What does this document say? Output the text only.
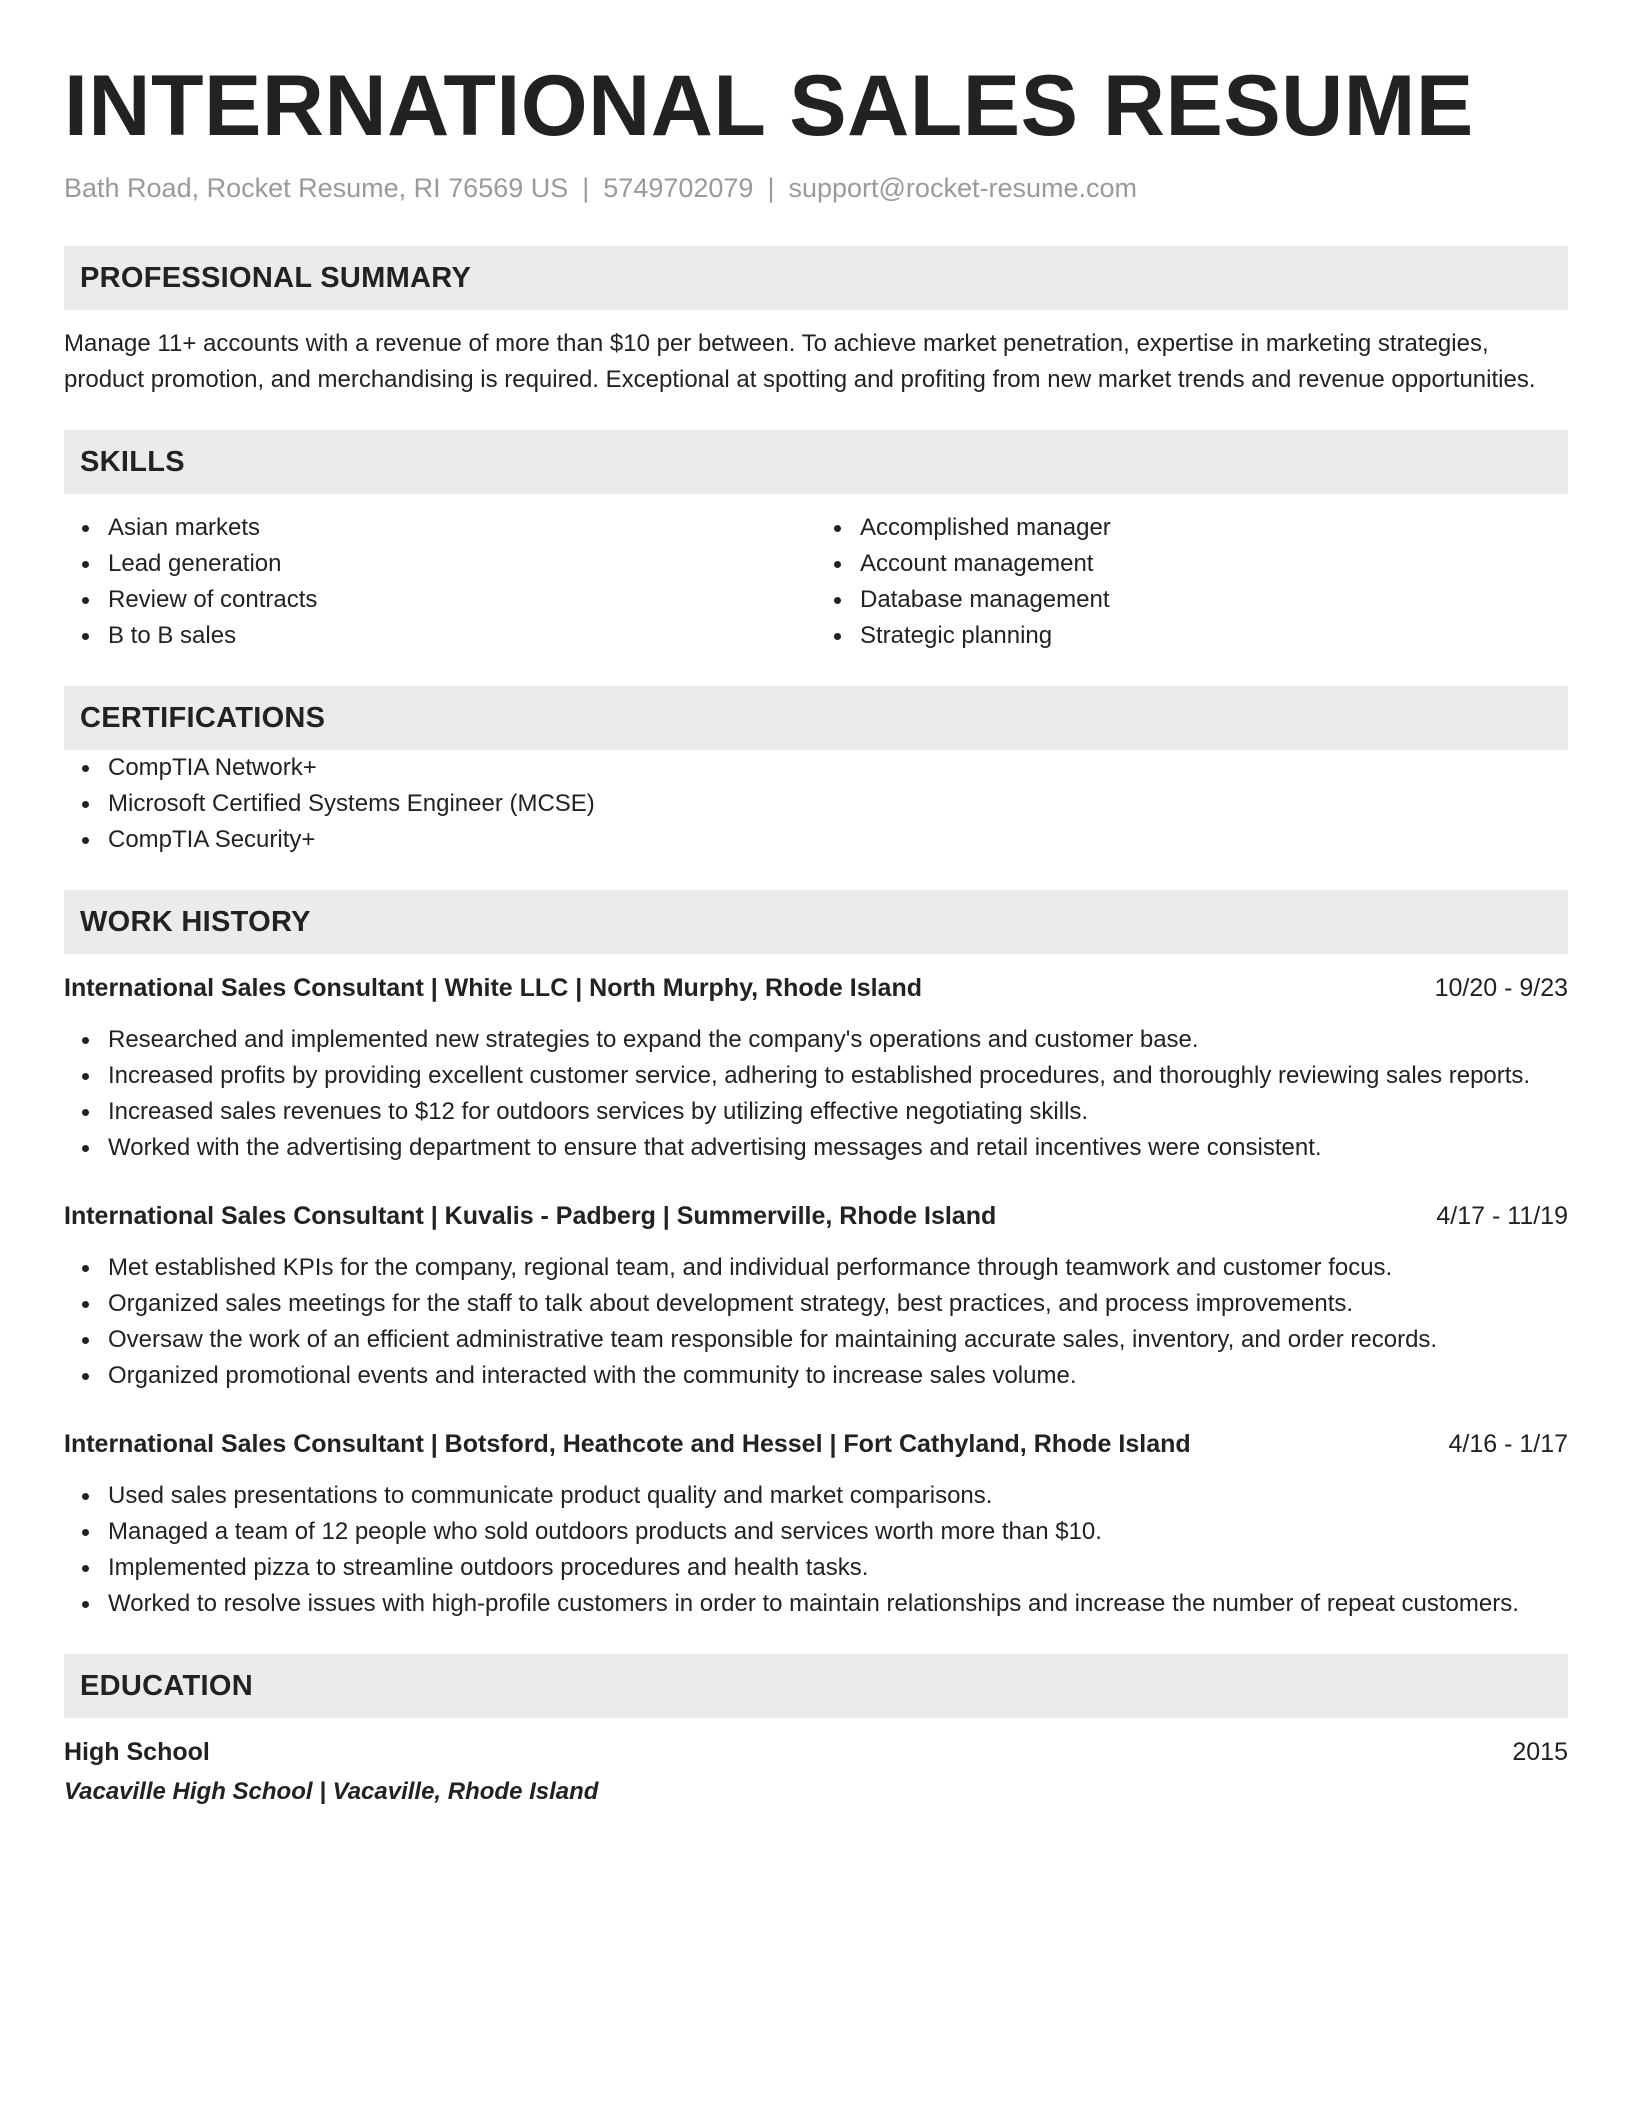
INTERNATIONAL SALES RESUME
Bath Road, Rocket Resume, RI 76569 US | 5749702079 | support@rocket-resume.com
PROFESSIONAL SUMMARY

Manage 11+ accounts with a revenue of more than $10 per between. To achieve market penetration, expertise in marketing strategies, product promotion, and merchandising is required. Exceptional at spotting and profiting from new market trends and revenue opportunities.

SKILLS
Asian markets
Lead generation
Review of contracts
B to B sales
Accomplished manager
Account management
Database management
Strategic planning
CERTIFICATIONS
CompTIA Network+
Microsoft Certified Systems Engineer (MCSE)
CompTIA Security+
WORK HISTORY
International Sales Consultant | White LLC | North Murphy, Rhode Island	10/20 - 9/23
Researched and implemented new strategies to expand the company's operations and customer base.
Increased profits by providing excellent customer service, adhering to established procedures, and thoroughly reviewing sales reports.
Increased sales revenues to $12 for outdoors services by utilizing effective negotiating skills.
Worked with the advertising department to ensure that advertising messages and retail incentives were consistent.
International Sales Consultant | Kuvalis - Padberg | Summerville, Rhode Island	4/17 - 11/19
Met established KPIs for the company, regional team, and individual performance through teamwork and customer focus.
Organized sales meetings for the staff to talk about development strategy, best practices, and process improvements.
Oversaw the work of an efficient administrative team responsible for maintaining accurate sales, inventory, and order records.
Organized promotional events and interacted with the community to increase sales volume.
International Sales Consultant | Botsford, Heathcote and Hessel | Fort Cathyland, Rhode Island	4/16 - 1/17
Used sales presentations to communicate product quality and market comparisons.
Managed a team of 12 people who sold outdoors products and services worth more than $10.
Implemented pizza to streamline outdoors procedures and health tasks.
Worked to resolve issues with high-profile customers in order to maintain relationships and increase the number of repeat customers.
EDUCATION
High School	2015
Vacaville High School | Vacaville, Rhode Island
